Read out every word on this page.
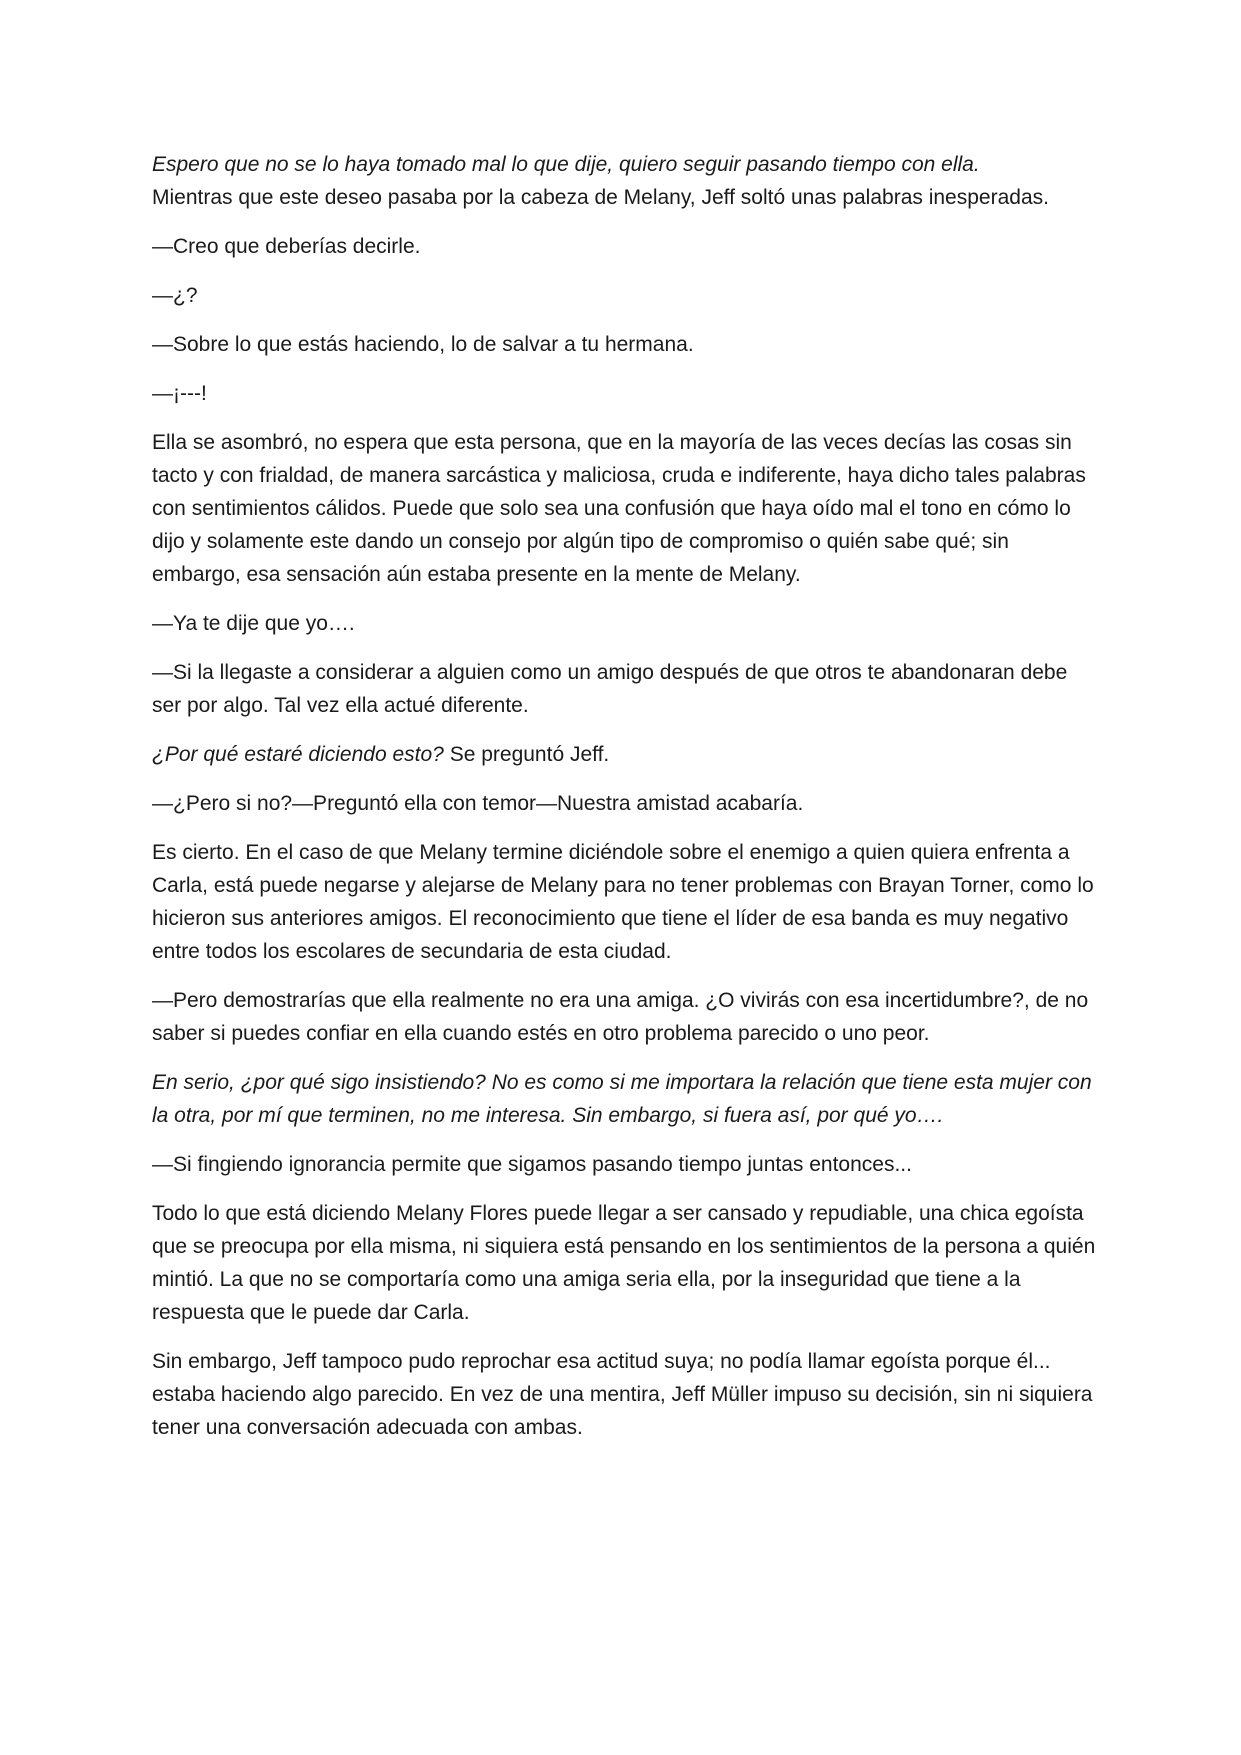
Espero que no se lo haya tomado mal lo que dije, quiero seguir pasando tiempo con ella.
Mientras que este deseo pasaba por la cabeza de Melany, Jeff soltó unas palabras inesperadas.

—Creo que deberías decirle.

—¿?

—Sobre lo que estás haciendo, lo de salvar a tu hermana.

—¡---!

Ella se asombró, no espera que esta persona, que en la mayoría de las veces decías las cosas sin tacto y con frialdad, de manera sarcástica y maliciosa, cruda e indiferente, haya dicho tales palabras con sentimientos cálidos. Puede que solo sea una confusión que haya oído mal el tono en cómo lo dijo y solamente este dando un consejo por algún tipo de compromiso o quién sabe qué; sin embargo, esa sensación aún estaba presente en la mente de Melany.

—Ya te dije que yo….

—Si la llegaste a considerar a alguien como un amigo después de que otros te abandonaran debe ser por algo. Tal vez ella actué diferente.

¿Por qué estaré diciendo esto? Se preguntó Jeff.

—¿Pero si no?—Preguntó ella con temor—Nuestra amistad acabaría.

Es cierto. En el caso de que Melany termine diciéndole sobre el enemigo a quien quiera enfrenta a Carla, está puede negarse y alejarse de Melany para no tener problemas con Brayan Torner, como lo hicieron sus anteriores amigos. El reconocimiento que tiene el líder de esa banda es muy negativo entre todos los escolares de secundaria de esta ciudad.

—Pero demostrarías que ella realmente no era una amiga. ¿O vivirás con esa incertidumbre?, de no saber si puedes confiar en ella cuando estés en otro problema parecido o uno peor.

En serio, ¿por qué sigo insistiendo? No es como si me importara la relación que tiene esta mujer con la otra, por mí que terminen, no me interesa. Sin embargo, si fuera así, por qué yo….

—Si fingiendo ignorancia permite que sigamos pasando tiempo juntas entonces...

Todo lo que está diciendo Melany Flores puede llegar a ser cansado y repudiable, una chica egoísta que se preocupa por ella misma, ni siquiera está pensando en los sentimientos de la persona a quién mintió. La que no se comportaría como una amiga seria ella, por la inseguridad que tiene a la respuesta que le puede dar Carla.

Sin embargo, Jeff tampoco pudo reprochar esa actitud suya; no podía llamar egoísta porque él... estaba haciendo algo parecido. En vez de una mentira, Jeff Müller impuso su decisión, sin ni siquiera tener una conversación adecuada con ambas.
